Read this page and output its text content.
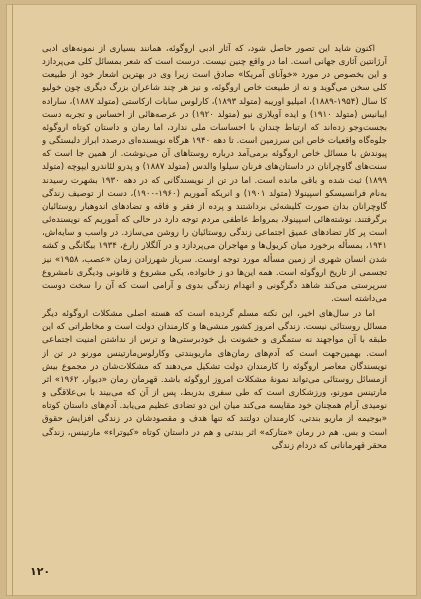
اکنون شاید این تصور حاصل شود، که آثار ادبی اروگوئه، همانند بسیاری از نمونه‌های ادبی آرژانتین آثاری جهانی است. اما در واقع چنین نیست. درست است که شعر بمسائل کلی می‌پردازد و این بخصوص در مورد «خوآنای آمریکا» صادق است زیرا وی در بهترین اشعار خود از طبیعت کلی سخن می‌گوید و نه از طبیعت خاص اروگوئه، و نیز هر چند شاعران بزرگ دیگری چون خولیو کا سال (۱۹۵۴-۱۸۸۹)، امیلیو اوریبه (متولد ۱۸۹۳)، کارلوس سابات ارکاستی (متولد ۱۸۸۷)، ساراده ایبانیس (متولد ۱۹۱۰) و ایده آویلاری نیو (متولد ۱۹۲۰) در عرصه‌هائی از احساس و تجربه دست بجست‌وجو زده‌اند که ارتباط چندان با احساسات ملی ندارد، اما رمان و داستان کوتاه اروگوئه جلوه‌گاه واقعیات خاص این سرزمین است. تا دهه ۱۹۴۰ هرگاه نویسنده‌ای درصدد ابراز دلبستگی و پیوندش با مسائل خاص اروگوئه برمی‌آمد درباره روستاهای آن می‌نوشت. از همین جا است که سنت‌های گاوچرانان در داستان‌های فرنان سیلوا والدس (متولد ۱۸۸۷) و پدرو لئاندرو ایپوچه (متولد ۱۸۹۹) ثبت شده و باقی مانده است. اما در تن از نویسندگانی که در دهه ۱۹۳۰ بشهرت رسیدند به‌نام فرانسیسکو اسپینولا (متولد ۱۹۰۱) و انریکه آموریم (۱۹۶۰-۱۹۰۰)، دست از توصیف زندگی گاوچرانان بدان صورت کلیشه‌ئی برداشتند و پرده از فقر و فاقه و تضادهای اندوهبار روستائیان برگرفتند. نوشته‌هائی اسپینولا، بمرواط عاطفی مردم توجه دارد در حالی که آموریم که نویسنده‌ئی است پر کار تضادهای عمیق اجتماعی زندگی روستائیان را روشن می‌سازد. در واسب و سایه‌اش، ۱۹۴۱، بمسأله برخورد میان کریول‌ها و مهاجران می‌پردازد و در آلگلار زارع، ۱۹۳۴ بیگانگی و کشه شدن انسان شهری از زمین مسأله مورد توجه اوست. سرباز شهرزادن زمان «عصب، ۱۹۵۸» نیز تجسمی از تاریخ اروگوئه است. همه این‌ها دو ز خانواده، یکی مشروع و قانونی ودیگری نامشروع سرپرستی می‌کند شاهد دگرگونی و انهدام زندگی بدوی و آرامی است که آن را سخت دوست می‌داشته است.

اما در سال‌های اخیر، این نکته مسلم گردیده است که هسته اصلی مشکلات اروگوئه دیگر مسائل روستائی نیست. زندگی امروز کشور منشی‌ها و کارمندان دولت است و مخاطراتی که این طبقه با آن مواجهند نه ستمگری و خشونت بل خودبرستی‌ها و ترس از نداشتن امنیت اجتماعی است. بهمین‌جهت است که آدم‌های رمان‌های ماریو‌بندتی وکارلوس‌مارتینس مورنو در تن از نویسندگان معاصر اروگوئه را کارمندان دولت تشکیل می‌دهند که مشکلات‌شان در مجموع بیش ازمسائل روستائی می‌تواند نمونهٔ مشکلات امروز اروگوئه باشد. قهرمان رمان «دیوار، ۱۹۶۲» اثر مارتینس مورنو، ورزشکاری است که طی سفری بدربط، پس از آن که می‌بیند با بی‌علاقگی و نومیدی آرام همچنان خود مقایسه می‌کند میان این دو تضادی عظیم می‌یابد. آدم‌های داستان کوتاه «بوجیمه از ماریو بندتی، کارمندان دولتند که تنها هدف و مقصودشان در زندگی افزایش حقوق است و بس. هم در رمان «متارکه» اثر بندتی و هم در داستان کوتاه «کیوتراء» مارتینس، زندگی محقر قهرمانانی که دردام زندگی

۱۲۰
